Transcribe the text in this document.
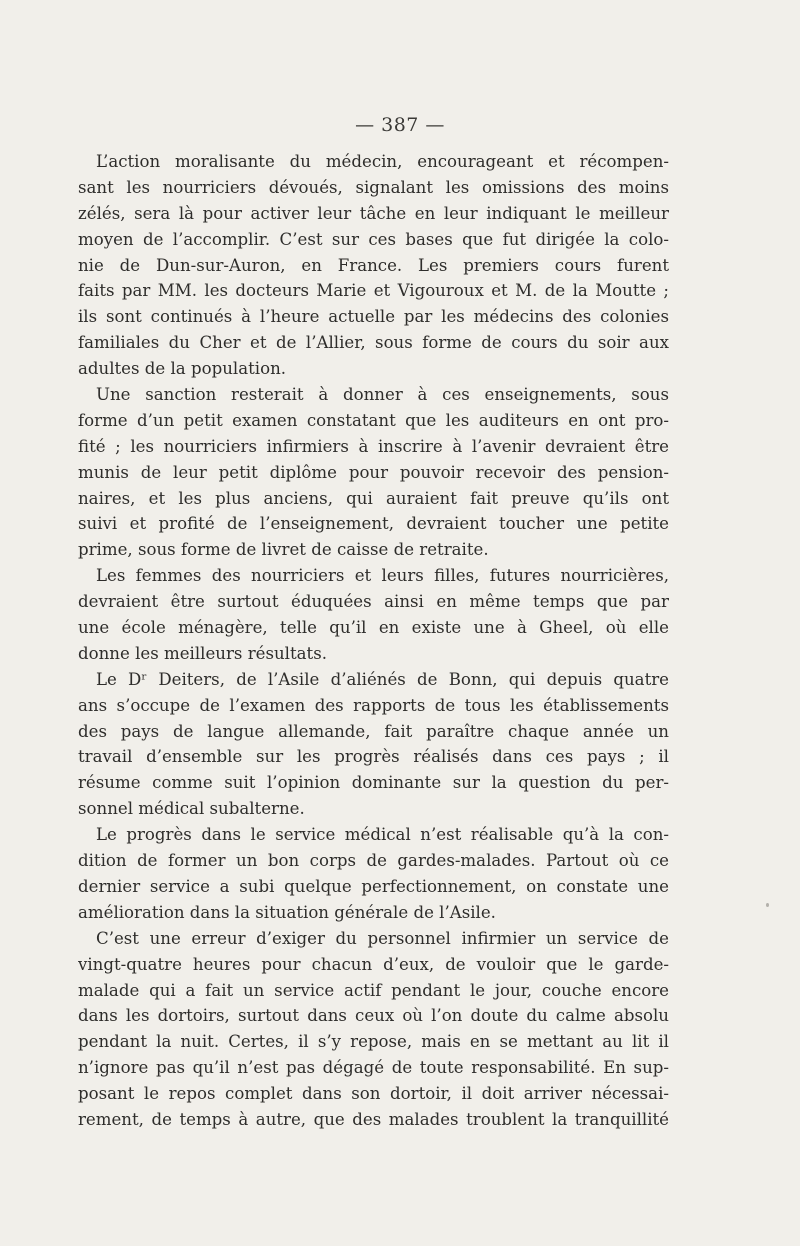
— 387 —
L’action moralisante du médecin, encourageant et récompen-
sant les nourriciers dévoués, signalant les omissions des moins
zélés, sera là pour activer leur tâche en leur indiquant le meilleur
moyen de l’accomplir. C’est sur ces bases que fut dirigée la colo-
nie de Dun-sur-Auron, en France. Les premiers cours furent
faits par MM. les docteurs Marie et Vigouroux et M. de la Moutte ;
ils sont continués à l’heure actuelle par les médecins des colonies
familiales du Cher et de l’Allier, sous forme de cours du soir aux
adultes de la population.
Une sanction resterait à donner à ces enseignements, sous
forme d’un petit examen constatant que les auditeurs en ont pro-
fité ; les nourriciers infirmiers à inscrire à l’avenir devraient être
munis de leur petit diplôme pour pouvoir recevoir des pension-
naires, et les plus anciens, qui auraient fait preuve qu’ils ont
suivi et profité de l’enseignement, devraient toucher une petite
prime, sous forme de livret de caisse de retraite.
Les femmes des nourriciers et leurs filles, futures nourricières,
devraient être surtout éduquées ainsi en même temps que par
une école ménagère, telle qu’il en existe une à Gheel, où elle
donne les meilleurs résultats.
Le Dʳ Deiters, de l’Asile d’aliénés de Bonn, qui depuis quatre
ans s’occupe de l’examen des rapports de tous les établissements
des pays de langue allemande, fait paraître chaque année un
travail d’ensemble sur les progrès réalisés dans ces pays ; il
résume comme suit l’opinion dominante sur la question du per-
sonnel médical subalterne.
Le progrès dans le service médical n’est réalisable qu’à la con-
dition de former un bon corps de gardes-malades. Partout où ce
dernier service a subi quelque perfectionnement, on constate une
amélioration dans la situation générale de l’Asile.
C’est une erreur d’exiger du personnel infirmier un service de
vingt-quatre heures pour chacun d’eux, de vouloir que le garde-
malade qui a fait un service actif pendant le jour, couche encore
dans les dortoirs, surtout dans ceux où l’on doute du calme absolu
pendant la nuit. Certes, il s’y repose, mais en se mettant au lit il
n’ignore pas qu’il n’est pas dégagé de toute responsabilité. En sup-
posant le repos complet dans son dortoir, il doit arriver nécessai-
rement, de temps à autre, que des malades troublent la tranquillité
